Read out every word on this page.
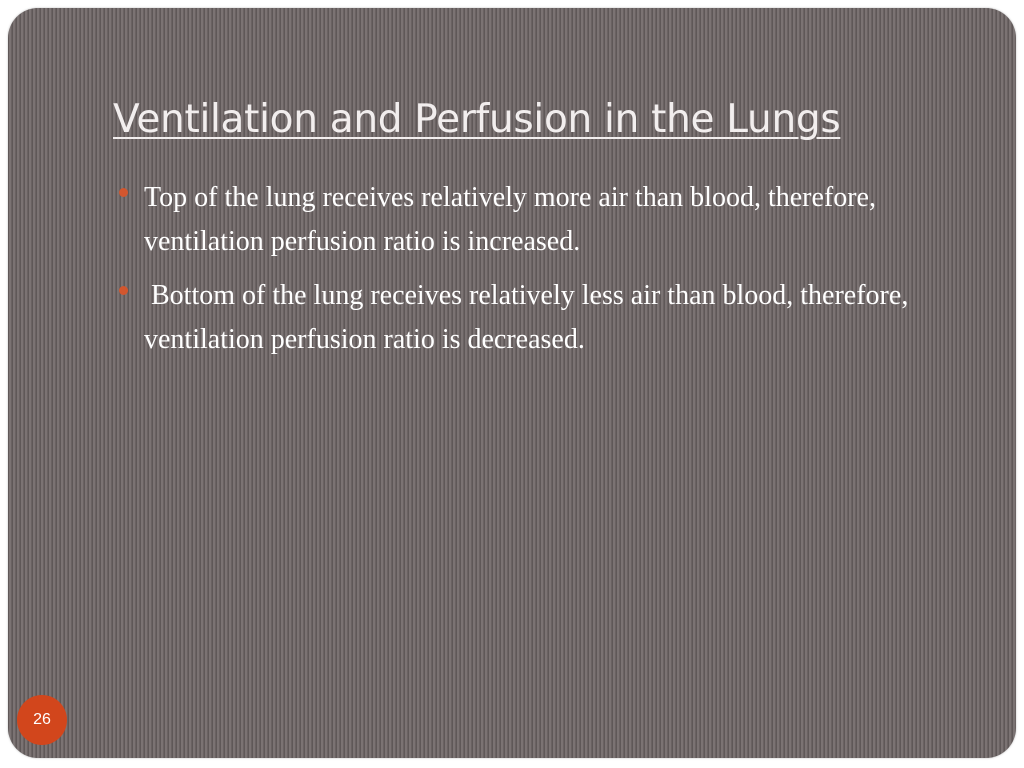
Ventilation and Perfusion in the Lungs
Top of the lung receives relatively more air than blood, therefore, ventilation perfusion ratio is increased.
Bottom of the lung receives relatively less air than blood, therefore, ventilation perfusion ratio is decreased.
26
